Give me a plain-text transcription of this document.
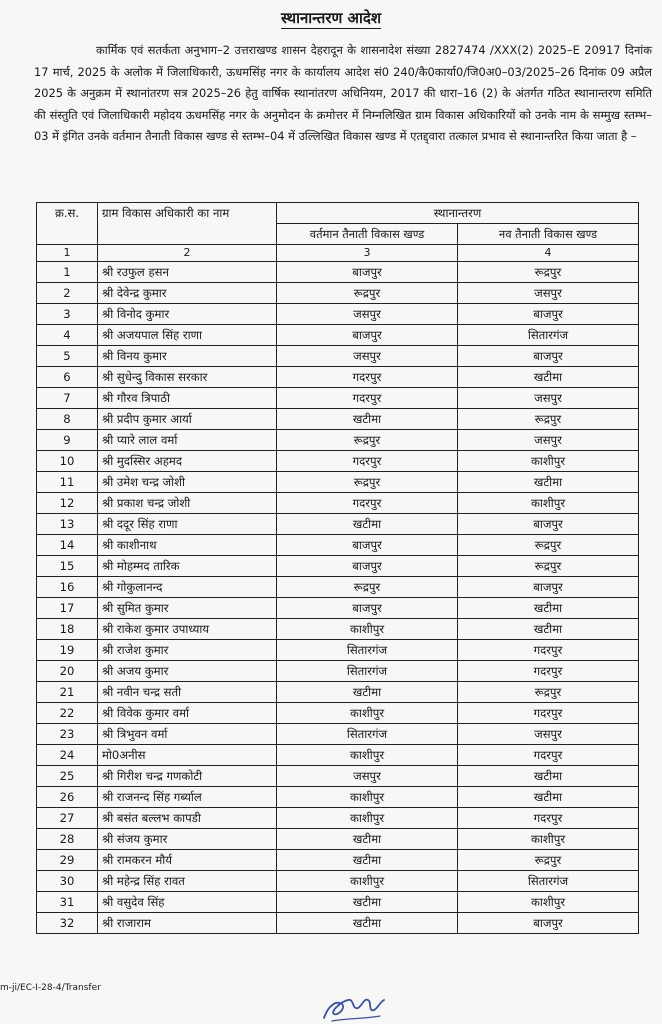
स्थानान्तरण आदेश

कार्मिक एवं सतर्कता अनुभाग–2 उत्तराखण्ड शासन देहरादून के शासनादेश संख्या 2827474 /XXX(2) 2025–E 20917 दिनांक 17 मार्च, 2025 के अलोक में जिलाधिकारी, ऊधमसिंह नगर के कार्यालय आदेश सं0 240/कै0कार्या0/जि0अ0–03/2025–26 दिनांक 09 अप्रैल 2025 के अनुक्रम में स्थानांतरण सत्र 2025–26 हेतु वार्षिक स्थानांतरण अधिनियम, 2017 की धारा–16 (2) के अंतर्गत गठित स्थानान्तरण समिति की संस्तुति एवं जिलाधिकारी महोदय ऊधमसिंह नगर के अनुमोदन के क्रमोत्तर में निम्नलिखित ग्राम विकास अधिकारियों को उनके नाम के सम्मुख स्तम्भ–03 में इंगित उनके वर्तमान तैनाती विकास खण्ड से स्तम्भ–04 में उल्लिखित विकास खण्ड में एतद्द्वारा तत्काल प्रभाव से स्थानान्तरित किया जाता है –

क्र.स.	ग्राम विकास अधिकारी का नाम	स्थानान्तरण	
		वर्तमान तैनाती विकास खण्ड	नव तैनाती विकास खण्ड
1	2	3	4
1	श्री रउफुल हसन	बाजपुर	रूद्रपुर
2	श्री देवेन्द्र कुमार	रूद्रपुर	जसपुर
3	श्री विनोद कुमार	जसपुर	बाजपुर
4	श्री अजयपाल सिंह राणा	बाजपुर	सितारगंज
5	श्री विनय कुमार	जसपुर	बाजपुर
6	श्री सुधेन्दु विकास सरकार	गदरपुर	खटीमा
7	श्री गौरव त्रिपाठी	गदरपुर	जसपुर
8	श्री प्रदीप कुमार आर्या	खटीमा	रूद्रपुर
9	श्री प्यारे लाल वर्मा	रूद्रपुर	जसपुर
10	श्री मुदस्सिर अहमद	गदरपुर	काशीपुर
11	श्री उमेश चन्द्र जोशी	रूद्रपुर	खटीमा
12	श्री प्रकाश चन्द्र जोशी	गदरपुर	काशीपुर
13	श्री ददूर सिंह राणा	खटीमा	बाजपुर
14	श्री काशीनाथ	बाजपुर	रूद्रपुर
15	श्री मोहम्मद तारिक	बाजपुर	रूद्रपुर
16	श्री गोकुलानन्द	रूद्रपुर	बाजपुर
17	श्री सुमित कुमार	बाजपुर	खटीमा
18	श्री राकेश कुमार उपाध्याय	काशीपुर	खटीमा
19	श्री राजेश कुमार	सितारगंज	गदरपुर
20	श्री अजय कुमार	सितारगंज	गदरपुर
21	श्री नवीन चन्द्र सती	खटीमा	रूद्रपुर
22	श्री विवेक कुमार वर्मा	काशीपुर	गदरपुर
23	श्री त्रिभुवन वर्मा	सितारगंज	जसपुर
24	मो0अनीस	काशीपुर	गदरपुर
25	श्री गिरीश चन्द्र गणकोटी	जसपुर	खटीमा
26	श्री राजनन्द सिंह गर्ब्याल	काशीपुर	खटीमा
27	श्री बसंत बल्लभ कापडी	काशीपुर	गदरपुर
28	श्री संजय कुमार	खटीमा	काशीपुर
29	श्री रामकरन मौर्य	खटीमा	रूद्रपुर
30	श्री महेन्द्र सिंह रावत	काशीपुर	सितारगंज
31	श्री वसुदेव सिंह	खटीमा	काशीपुर
32	श्री राजाराम	खटीमा	बाजपुर
m-ji/EC-I-28-4/Transfer
